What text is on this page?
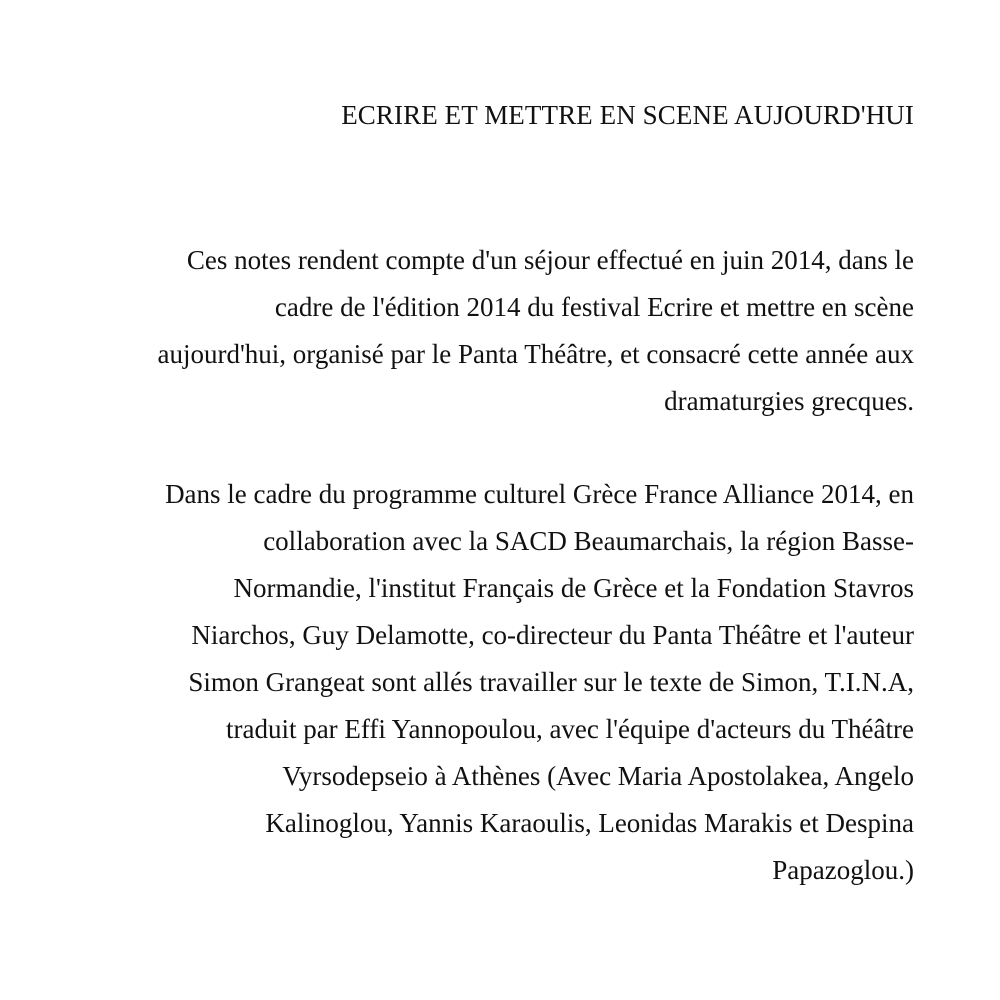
ECRIRE ET METTRE EN SCENE AUJOURD'HUI

Ces notes rendent compte d'un séjour effectué en juin 2014, dans le
cadre de l'édition 2014 du festival Ecrire et mettre en scène
aujourd'hui, organisé par le Panta Théâtre, et consacré cette année aux
dramaturgies grecques.

Dans le cadre du programme culturel Grèce France Alliance 2014, en
collaboration avec la SACD Beaumarchais, la région Basse-
Normandie, l'institut Français de Grèce et la Fondation Stavros
Niarchos, Guy Delamotte, co-directeur du Panta Théâtre et l'auteur
Simon Grangeat sont allés travailler sur le texte de Simon, T.I.N.A,
traduit par Effi Yannopoulou, avec l'équipe d'acteurs du Théâtre
Vyrsodepseio à Athènes (Avec Maria Apostolakea, Angelo
Kalinoglou, Yannis Karaoulis, Leonidas Marakis et Despina
Papazoglou.)
